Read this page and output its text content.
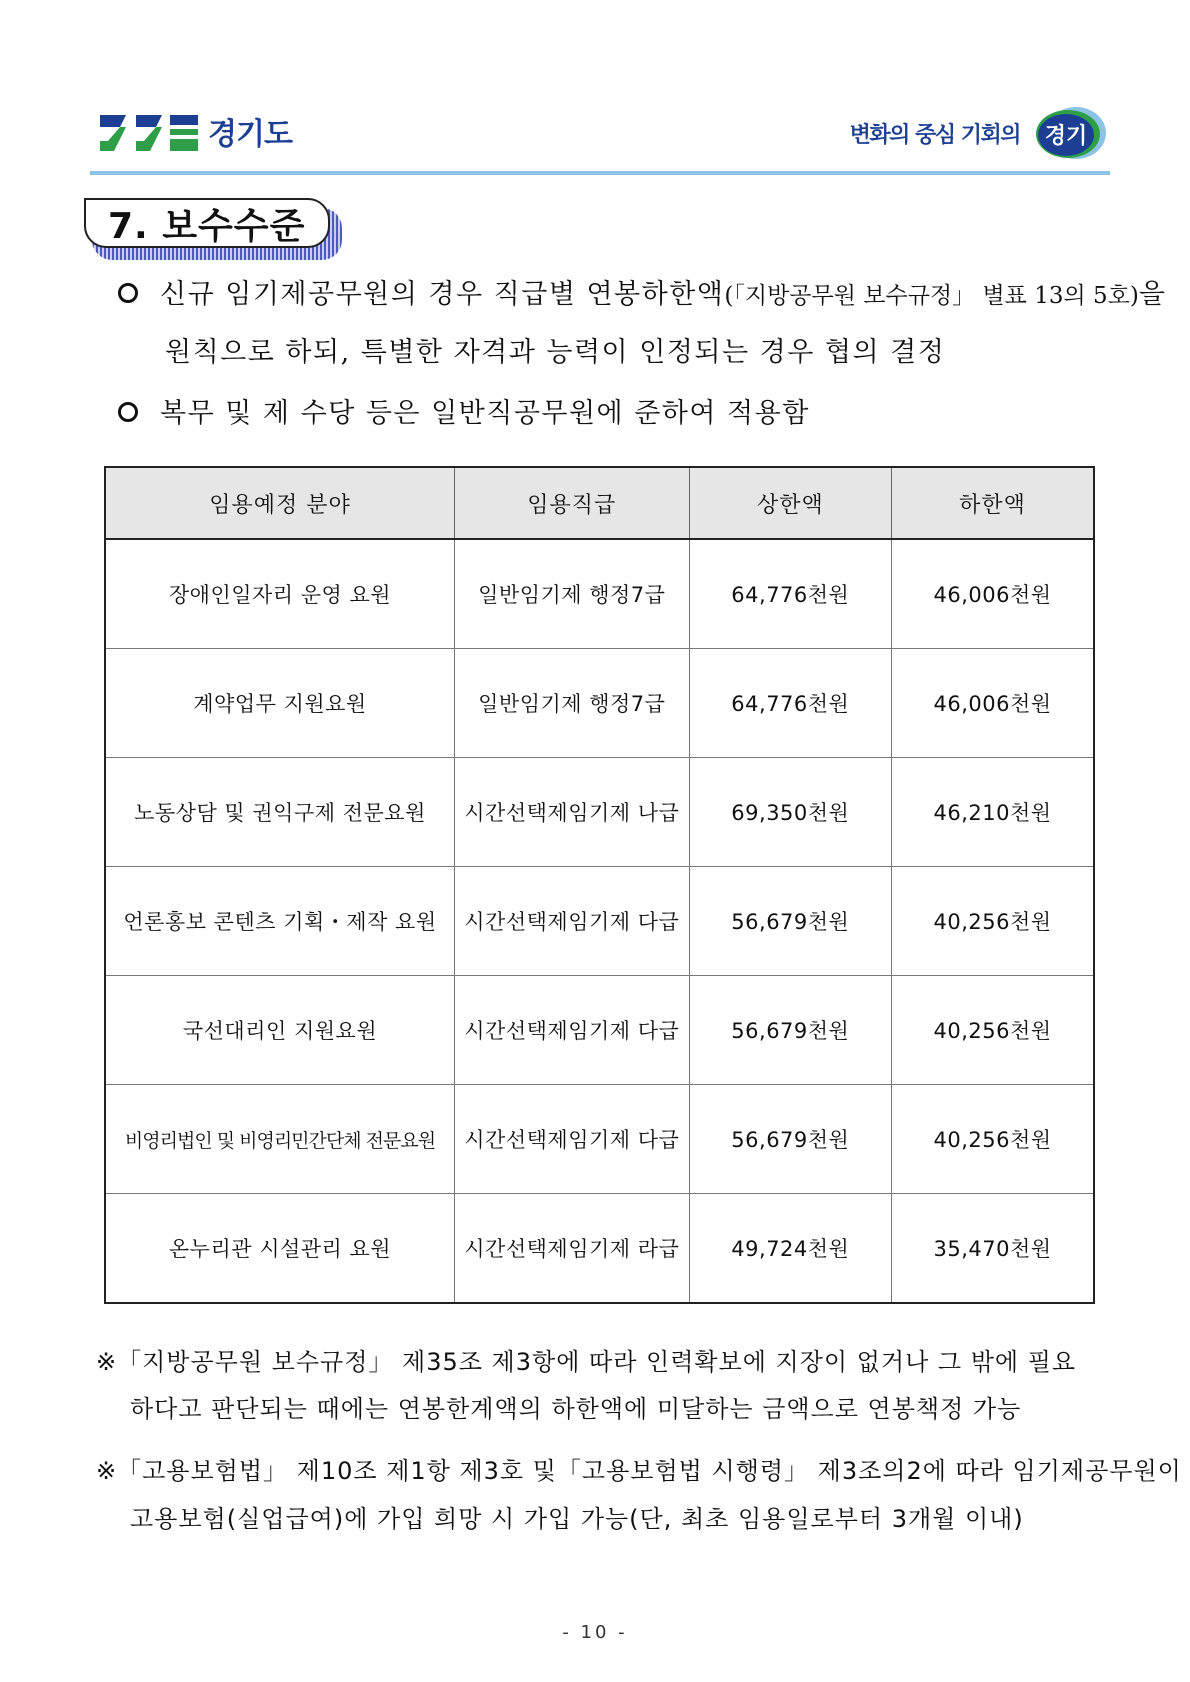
경기도	변화의 중심 기회의 경기
7. 보수수준
신규 임기제공무원의 경우 직급별 연봉하한액(「지방공무원 보수규정」 별표 13의 5호)을
원칙으로 하되, 특별한 자격과 능력이 인정되는 경우 협의 결정
복무 및 제 수당 등은 일반직공무원에 준하여 적용함
임용예정 분야	임용직급	상한액	하한액
장애인일자리 운영 요원	일반임기제 행정7급	64,776천원	46,006천원
계약업무 지원요원	일반임기제 행정7급	64,776천원	46,006천원
노동상담 및 권익구제 전문요원	시간선택제임기제 나급	69,350천원	46,210천원
언론홍보 콘텐츠 기획・제작 요원	시간선택제임기제 다급	56,679천원	40,256천원
국선대리인 지원요원	시간선택제임기제 다급	56,679천원	40,256천원
비영리법인 및 비영리민간단체 전문요원	시간선택제임기제 다급	56,679천원	40,256천원
온누리관 시설관리 요원	시간선택제임기제 라급	49,724천원	35,470천원
※「지방공무원 보수규정」 제35조 제3항에 따라 인력확보에 지장이 없거나 그 밖에 필요
하다고 판단되는 때에는 연봉한계액의 하한액에 미달하는 금액으로 연봉책정 가능
※「고용보험법」 제10조 제1항 제3호 및「고용보험법 시행령」 제3조의2에 따라 임기제공무원이
고용보험(실업급여)에 가입 희망 시 가입 가능(단, 최초 임용일로부터 3개월 이내)
- 10 -
